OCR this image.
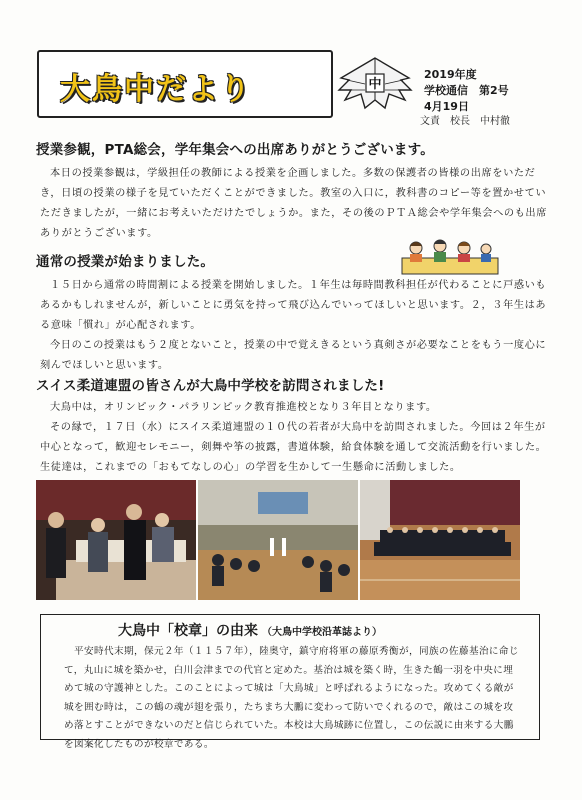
大鳥中だより	中
2019年度
学校通信　第2号
4月19日
文責　校長　中村徹
授業参観，PTA総会，学年集会への出席ありがとうございます。

本日の授業参観は，学級担任の教師による授業を企画しました。多数の保護者の皆様の出席をいただき，日頃の授業の様子を見ていただくことができました。教室の入口に，教科書のコピー等を置かせていただきましたが，一緒にお考えいただけたでしょうか。また，その後のＰＴＡ総会や学年集会へのも出席ありがとうございます。

通常の授業が始まりました。

１５日から通常の時間割による授業を開始しました。１年生は毎時間教科担任が代わることに戸惑いもあるかもしれませんが，新しいことに勇気を持って飛び込んでいってほしいと思います。２，３年生はある意味「慣れ」が心配されます。

今日のこの授業はもう２度とないこと，授業の中で覚えきるという真剣さが必要なことをもう一度心に刻んでほしいと思います。

スイス柔道連盟の皆さんが大鳥中学校を訪問されました!

大鳥中は，オリンピック・パラリンピック教育推進校となり３年目となります。

その縁で，１７日（水）にスイス柔道連盟の１０代の若者が大鳥中を訪問されました。今回は２年生が中心となって，歓迎セレモニー，剣舞や筝の披露，書道体験，給食体験を通して交流活動を行いました。生徒達は，これまでの「おもてなしの心」の学習を生かして一生懸命に活動しました。

大鳥中「校章」の由来 （大鳥中学校沿革誌より）

平安時代末期，保元２年（１１５７年），陸奥守，鎮守府将軍の藤原秀衡が，同族の佐藤基治に命じて，丸山に城を築かせ，白川会津までの代官と定めた。基治は城を築く時，生きた鶴一羽を中央に埋めて城の守護神とした。このことによって城は「大鳥城」と呼ばれるようになった。攻めてくる敵が城を囲む時は，この鶴の魂が翅を張り，たちまち大鵬に変わって防いでくれるので，敵はこの城を攻め落とすことができないのだと信じられていた。本校は大鳥城跡に位置し，この伝説に由来する大鵬を図案化したものが校章である。
